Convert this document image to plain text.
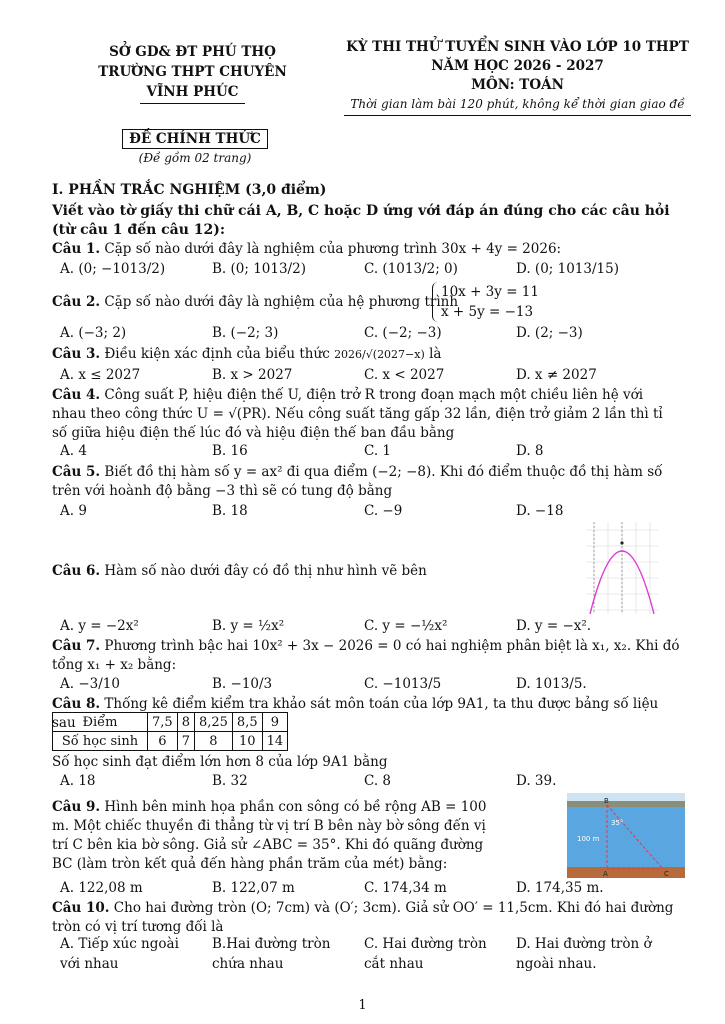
SỞ GD& ĐT PHÚ THỌ
TRƯỜNG THPT CHUYÊN
VĨNH PHÚC
KỲ THI THỬ TUYỂN SINH VÀO LỚP 10 THPT
NĂM HỌC 2026 - 2027
MÔN: TOÁN
Thời gian làm bài 120 phút, không kể thời gian giao đề
ĐỀ CHÍNH THỨC
(Đề gồm 02 trang)
I. PHẦN TRẮC NGHIỆM (3,0 điểm)
Viết vào tờ giấy thi chữ cái A, B, C hoặc D ứng với đáp án đúng cho các câu hỏi (từ câu 1 đến câu 12):
Câu 1. Cặp số nào dưới đây là nghiệm của phương trình 30x + 4y = 2026:
A. (0; −1013/2)	B. (0; 1013/2)	C. (1013/2; 0)	D. (0; 1013/15)
Câu 2. Cặp số nào dưới đây là nghiệm của hệ phương trình
10x + 3y = 11
x + 5y = −13
A. (−3; 2)	B. (−2; 3)	C. (−2; −3)	D. (2; −3)
Câu 3. Điều kiện xác định của biểu thức 2026/√(2027−x) là
A. x ≤ 2027	B. x > 2027	C. x < 2027	D. x ≠ 2027
Câu 4. Công suất P, hiệu điện thế U, điện trở R trong đoạn mạch một chiều liên hệ với nhau theo công thức U = √(PR). Nếu công suất tăng gấp 32 lần, điện trở giảm 2 lần thì tỉ số giữa hiệu điện thế lúc đó và hiệu điện thế ban đầu bằng
A. 4	B. 16	C. 1	D. 8
Câu 5. Biết đồ thị hàm số y = ax² đi qua điểm (−2; −8). Khi đó điểm thuộc đồ thị hàm số trên với hoành độ bằng −3 thì sẽ có tung độ bằng
A. 9	B. 18	C. −9	D. −18
Câu 6. Hàm số nào dưới đây có đồ thị như hình vẽ bên
A. y = −2x²	B. y = ½x²	C. y = −½x²	D. y = −x².
Câu 7. Phương trình bậc hai 10x² + 3x − 2026 = 0 có hai nghiệm phân biệt là x₁, x₂. Khi đó tổng x₁ + x₂ bằng:
A. −3/10	B. −10/3	C. −1013/5	D. 1013/5.
Câu 8. Thống kê điểm kiểm tra khảo sát môn toán của lớp 9A1, ta thu được bảng số liệu sau Điểm	7,5	8	8,25	8,5	9
Số học sinh	6	7	8	10	14
Số học sinh đạt điểm lớn hơn 8 của lớp 9A1 bằng
A. 18	B. 32	C. 8	D. 39.
Câu 9. Hình bên minh họa phần con sông có bề rộng AB = 100 m. Một chiếc thuyền đi thẳng từ vị trí B bên này bờ sông đến vị trí C bên kia bờ sông. Giả sử ∠ABC = 35°. Khi đó quãng đường BC (làm tròn kết quả đến hàng phần trăm của mét) bằng:
B
A	C
35°
100 m
A. 122,08 m	B. 122,07 m	C. 174,34 m	D. 174,35 m.
Câu 10. Cho hai đường tròn (O; 7cm) và (O′; 3cm). Giả sử OO′ = 11,5cm. Khi đó hai đường tròn có vị trí tương đối là
A. Tiếp xúc ngoài với nhau
B.Hai đường tròn chứa nhau
C. Hai đường tròn cắt nhau
D. Hai đường tròn ở ngoài nhau.
1
